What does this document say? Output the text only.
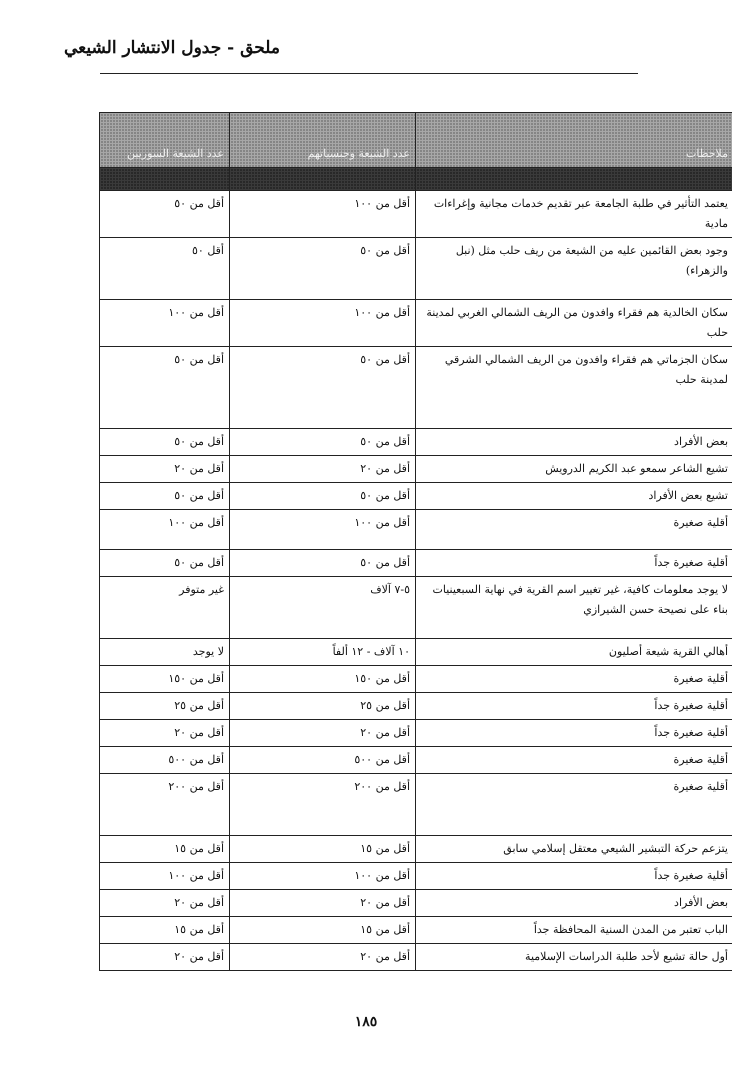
ملحق - جدول الانتشار الشيعي
ملاحظات	عدد الشيعة وجنسياتهم	عدد الشيعة السوريين

يعتمد التأثير في طلبة الجامعة عبر تقديم خدمات مجانية وإغراءات مادية	أقل من ١٠٠	أقل من ٥٠
وجود بعض القائمين عليه من الشيعة من ريف حلب مثل (نبل والزهراء)	أقل من ٥٠	أقل ٥٠
سكان الخالدية هم فقراء وافدون من الريف الشمالي الغربي لمدينة حلب	أقل من ١٠٠	أقل من ١٠٠
سكان الجزماتي هم فقراء وافدون من الريف الشمالي الشرقي لمدينة حلب	أقل من ٥٠	أقل من ٥٠
بعض الأفراد	أقل من ٥٠	أقل من ٥٠
تشيع الشاعر سمعو عبد الكريم الدرويش	أقل من ٢٠	أقل من ٢٠
تشيع بعض الأفراد	أقل من ٥٠	أقل من ٥٠
أقلية صغيرة	أقل من ١٠٠	أقل من ١٠٠
أقلية صغيرة جداً	أقل من ٥٠	أقل من ٥٠
لا يوجد معلومات كافية، غير تغيير اسم القرية في نهاية السبعينيات بناء على نصيحة حسن الشيرازي	٥-٧ آلاف	غير متوفر
أهالي القرية شيعة أصليون	١٠ آلاف - ١٢ ألفاً	لا يوجد
أقلية صغيرة	أقل من ١٥٠	أقل من ١٥٠
أقلية صغيرة جداً	أقل من ٢٥	أقل من ٢٥
أقلية صغيرة جداً	أقل من ٢٠	أقل من ٢٠
أقلية صغيرة	أقل من ٥٠٠	أقل من ٥٠٠
أقلية صغيرة	أقل من ٢٠٠	أقل من ٢٠٠
يتزعم حركة التبشير الشيعي معتقل إسلامي سابق	أقل من ١٥	أقل من ١٥
أقلية صغيرة جداً	أقل من ١٠٠	أقل من ١٠٠
بعض الأفراد	أقل من ٢٠	أقل من ٢٠
الباب تعتبر من المدن السنية المحافظة جداً	أقل من ١٥	أقل من ١٥
أول حالة تشيع لأحد طلبة الدراسات الإسلامية	أقل من ٢٠	أقل من ٢٠
١٨٥
